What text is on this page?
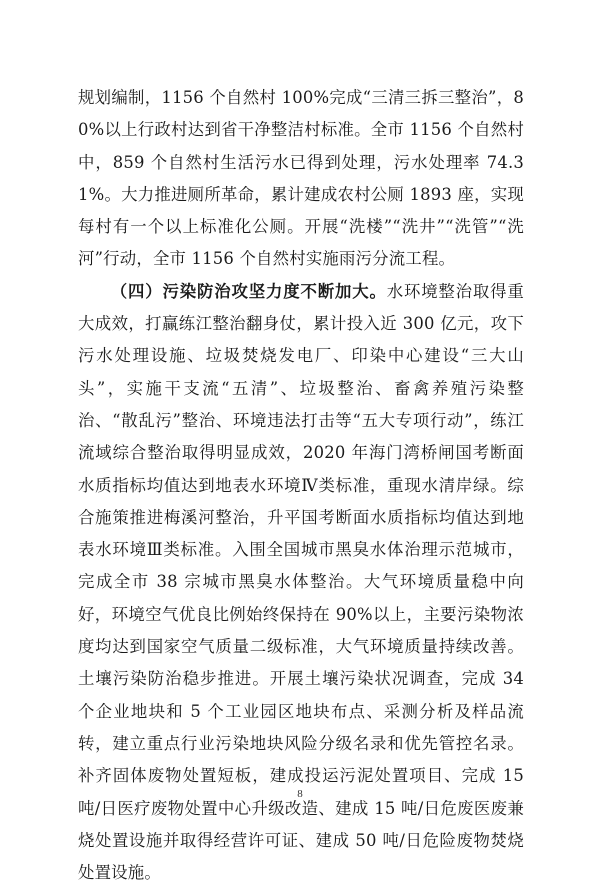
规划编制，1156 个自然村 100%完成“三清三拆三整治”，80%以上行政村达到省干净整洁村标准。全市 1156 个自然村中，859 个自然村生活污水已得到处理，污水处理率 74.31%。大力推进厕所革命，累计建成农村公厕 1893 座，实现每村有一个以上标准化公厕。开展“洗楼”“洗井”“洗管”“洗河”行动，全市 1156 个自然村实施雨污分流工程。

（四）污染防治攻坚力度不断加大。水环境整治取得重大成效，打赢练江整治翻身仗，累计投入近 300 亿元，攻下污水处理设施、垃圾焚烧发电厂、印染中心建设“三大山头”，实施干支流“五清”、垃圾整治、畜禽养殖污染整治、“散乱污”整治、环境违法打击等“五大专项行动”，练江流域综合整治取得明显成效，2020 年海门湾桥闸国考断面水质指标均值达到地表水环境Ⅳ类标准，重现水清岸绿。综合施策推进梅溪河整治，升平国考断面水质指标均值达到地表水环境Ⅲ类标准。入围全国城市黑臭水体治理示范城市，完成全市 38 宗城市黑臭水体整治。大气环境质量稳中向好，环境空气优良比例始终保持在 90%以上，主要污染物浓度均达到国家空气质量二级标准，大气环境质量持续改善。土壤污染防治稳步推进。开展土壤污染状况调查，完成 34 个企业地块和 5 个工业园区地块布点、采测分析及样品流转，建立重点行业污染地块风险分级名录和优先管控名录。补齐固体废物处置短板，建成投运污泥处置项目、完成 15 吨/日医疗废物处置中心升级改造、建成 15 吨/日危废医废兼烧处置设施并取得经营许可证、建成 50 吨/日危险废物焚烧处置设施。

8
